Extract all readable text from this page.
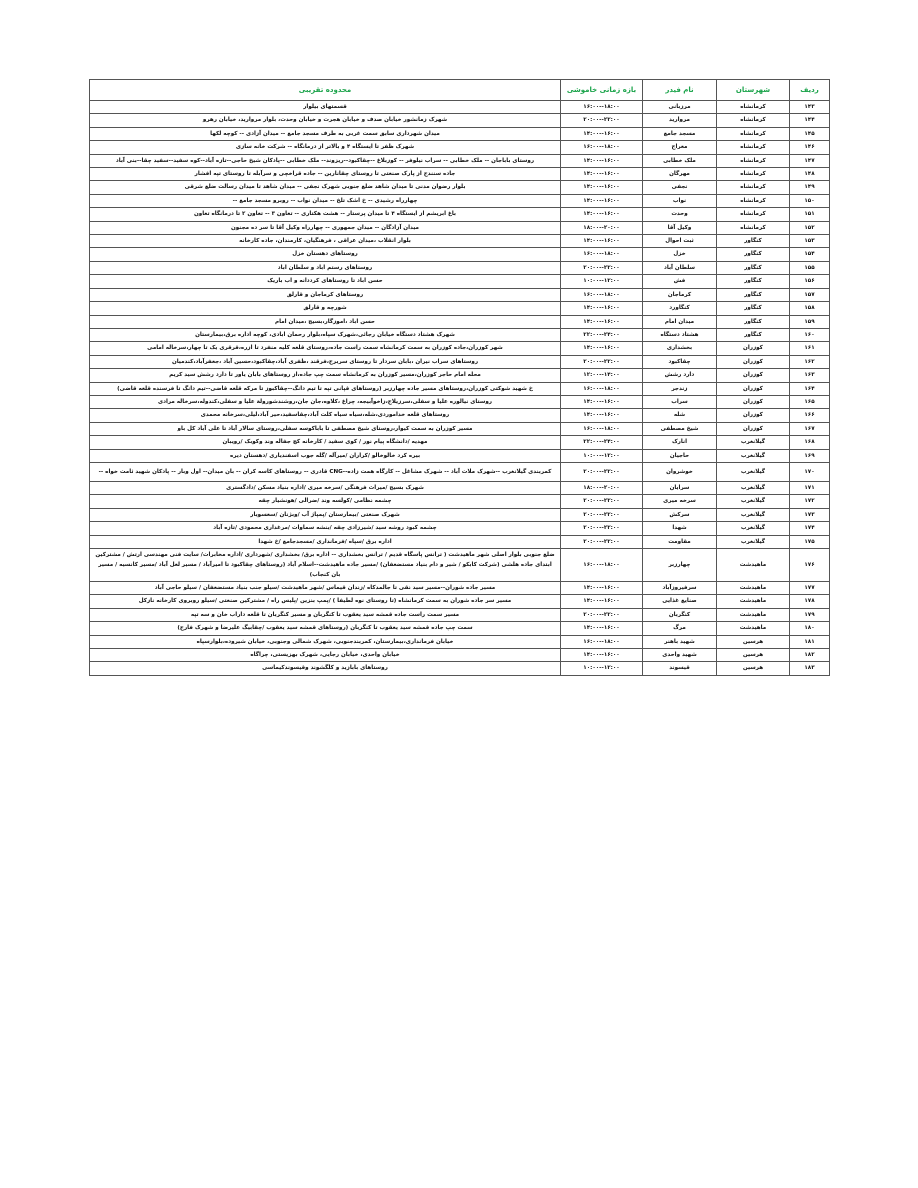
ردیف	شهرستان	نام فیدر	بازه زمانی خاموشی	محدوده تقریبی
۱۴۳	کرمانشاه	مرزبانی	۱۶:۰۰--۱۸:۰۰	قسمتهای بیلوار
۱۴۴	کرمانشاه	مروارید	۲۰:۰۰--۲۲:۰۰	شهرک زمانشور خیابان صدف و خیابان هجرت و خیابان وحدت، بلوار مروارید، خیابان رهرو
۱۴۵	کرمانشاه	مسجد جامع	۱۴:۰۰--۱۶:۰۰	میدان شهرداری سابق سمت غربی به طرف مسجد جامع -- میدان آزادی -- کوچه لکها
۱۴۶	کرمانشاه	معراج	۱۶:۰۰--۱۸:۰۰	شهرک ظفر تا ایستگاه ۴ و بالاتر از درمانگاه -- شرکت خانه سازی
۱۴۷	کرمانشاه	ملک خطابی	۱۴:۰۰--۱۶:۰۰	روستای باباجان -- ملک خطابی -- سراب نیلوفر -- کوزبلاغ --چقاکبود--ریزوند-- ملک خطابی --پادکان شیخ حاجی--تازه آباد--کوه سفید--سفید چقا--بنی آباد
۱۴۸	کرمانشاه	مهرگان	۱۴:۰۰--۱۶:۰۰	جاده سنندج از پارک صنعتی تا روستای چقانارین -- جاده قراخچی و سرآبله تا روستای تپه افشار
۱۴۹	کرمانشاه	نجفی	۱۴:۰۰--۱۶:۰۰	بلوار رضوان مدنی تا میدان شاهد ضلع جنوبی شهرک نجفی -- میدان شاهد تا میدان رسالت ضلع شرقی
۱۵۰	کرمانشاه	نواب	۱۴:۰۰--۱۶:۰۰	چهارراه رشیدی -- خ اشک تلخ -- میدان نواب -- روبرو مسجد جامع --
۱۵۱	کرمانشاه	وحدت	۱۴:۰۰--۱۶:۰۰	باغ ابریشم از ایستگاه ۴ تا میدان پرستار -- هشت هکتاری -- تعاون ۳ -- تعاون ۲ تا درمانگاه تعاون
۱۵۲	کرمانشاه	وکیل آقا	۱۸:۰۰--۲۰:۰۰	میدان آزادگان -- میدان جمهوری -- چهارراه وکیل آقا تا سر ده مجنون
۱۵۳	کنگاور	ثبت احوال	۱۴:۰۰--۱۶:۰۰	بلوار انقلاب ،میدان عراقی ، فرهنگیان، کارمندان، جاده کارخانه
۱۵۴	کنگاور	خزل	۱۶:۰۰--۱۸:۰۰	روستاهای دهستان خزل
۱۵۵	کنگاور	سلطان آباد	۲۰:۰۰--۲۲:۰۰	روستاهای رستم اباد و سلطان اباد
۱۵۶	کنگاور	فش	۱۰:۰۰--۱۲:۰۰	حسن اباد تا روستاهای کرددانه و اب باریک
۱۵۷	کنگاور	کرماجان	۱۶:۰۰--۱۸:۰۰	روستاهای کرماجان و قارلق
۱۵۸	کنگاور	کنگاورد	۱۴:۰۰--۱۶:۰۰	شورچه و قارلق
۱۵۹	کنگاور	میدان امام	۱۴:۰۰--۱۶:۰۰	حسن اباد ،اموزگار،بسیج ،میدان امام
۱۶۰	کنگاور	هشتاد دستگاه	۲۲:۰۰--۲۴:۰۰	شهرک هشتاد دستگاه خیابان رجائی،شهرک سپاه،بلوار رحمان ابادی، کوچه اداره برق،بیمارستان
۱۶۱	کوزران	بخشداری	۱۴:۰۰--۱۶:۰۰	شهر کوزران،جاده کوزران به سمت کرمانشاه سمت راست جاده،روستای قلعه کلیه منفرد تا ازره،قرقری یک تا چهار،سرخاله امامی
۱۶۲	کوزران	چقاکبود	۲۰:۰۰--۲۲:۰۰	روستاهای سراب نیران ،بابان سردار تا روستای سربرج،فرقند ،ظفری آباد،چقاکبود،حسین آباد ،جعفرآباد،کندمیان
۱۶۳	کوزران	دارد رشش	۱۲:۰۰--۱۴:۰۰	محله امام حاجر کوزران،مسیر کوزران به کرمانشاه سمت چپ جاده،از روستاهای بابان یاور تا دارد رشش سید کریم
۱۶۴	کوزران	زندجر	۱۶:۰۰--۱۸:۰۰	خ شهید شوکتی کوزران،روستاهای مسیر جاده چهارزبر (روستاهای قپانی تپه تا تیم دانگ--چقاکبوز تا مرکه قلعه قاضی--تیم دانگ تا فرسنده قلعه قاضی)
۱۶۵	کوزران	سراب	۱۴:۰۰--۱۶:۰۰	روستای نیالوره علیا و سفلی،سرزیلاج،زاخوآبیجه، چراغ ،کلاوه،جان جان،روشندشورولة علیا و سفلی،کندوله،سرخاله مرادی
۱۶۶	کوزران	شله	۱۴:۰۰--۱۶:۰۰	روستاهای قلعه خداموردی،شله،سیاه سیاه کلت آباد،چقاسفید،حیر آباد،لیلی،سرخانه محمدی
۱۶۷	کوزران	شیخ مصطفی	۱۶:۰۰--۱۸:۰۰	مسیر کوزران به سمت کیوار،روستای شیخ مصطفی تا باباکوسه سفلی،روستای سالار آباد تا علی آباد کل باو
۱۶۸	گیلانغرب	انارک	۲۲:۰۰--۲۴:۰۰	مهدیه /دانشگاه پیام نور / کوی سفید / کارخانه کچ جفاله وند وکوبک /رویبان
۱۶۹	گیلانغرب	حاجیان	۱۰:۰۰--۱۲:۰۰	بیره کرد خالوخالو /کراران /میرآله /گله جوب اسفندیاری /دهستان دیره
۱۷۰	گیلانغرب	خوشروان	۲۰:۰۰--۲۲:۰۰	کمربندی گیلانغرب --شهرک ملات آباد -- شهرک مشاغل -- کارگاه همت زاده--CNG قادری -- روستاهای کاسه کران -- بان میدان-- اول وبار -- پادکان شهید ثامت خواه --
۱۷۱	گیلانغرب	سرایان	۱۸:۰۰--۲۰:۰۰	شهرک بسیج /میراث فرهنگی /سرخه میری /اداره بنیاد مسکن /دادگستری
۱۷۲	گیلانغرب	سرخه میری	۲۰:۰۰--۲۲:۰۰	چشمه نظامی /کولسه وند /ضرالی /هونشیار چقه
۱۷۳	گیلانغرب	سرکش	۲۰:۰۰--۲۲:۰۰	شهرک صنعتی /بیمارستان /پمپاژ آب /وبژنان /سعسوبار
۱۷۴	گیلانغرب	شهدا	۲۰:۰۰--۲۲:۰۰	چشمه کبود روشه سید /شیرزادی چقه /بنشه سماوات /مرغداری محمودی /تازه آباد
۱۷۵	گیلانغرب	مقاومت	۲۰:۰۰--۲۲:۰۰	اداره برق /سپاه /فرمانداری /مسجدجامع /خ شهدا
۱۷۶	ماهیدشت	چهارزبر	۱۶:۰۰--۱۸:۰۰	ضلع جنوبی بلوار اصلی شهر ماهیدشت ( ترانس پاسگاه قدیم / ترانس بخشداری -- اداره برق/ بخشداری /شهرداری /اداره مخابرات/ سایت فنی مهندسی ارتش / مشترکین ابتدای جاده هلشی (شرکت کابکو / شیر و دام بنیاد مستضعفان) /مسیر جاده ماهیدشت--اسلام آباد (روستاهای چقاکبود تا امیرآباد / مسیر لعل آباد /مسیر کانسیه / مسیر بان کنجاب)
۱۷۷	ماهیدشت	سرفیروزآباد	۱۴:۰۰--۱۶:۰۰	مسیر جاده شوران--مسیر سید نقی تا جالمدکاه /زندان قیماس /شهر ماهیدشت /سیلو جنب بنیاد مستضعفان / سیلو حاجی آباد
۱۷۸	ماهیدشت	صنایع غذایی	۱۴:۰۰--۱۶:۰۰	مسیر سر جاده شوران به سمت کرمانشاه (تا روستای نوه لطیفا ) /پمپ بنزین /پلیس راه / مشترکین صنعتی /سیلو روبروی کارخانه نازکل
۱۷۹	ماهیدشت	کنگربان	۲۰:۰۰--۲۲:۰۰	مسیر سمت راست جاده قمشه سید یعقوب تا کنگربان و مسیر کنگربان تا قلعه داراب خان و سه تپه
۱۸۰	ماهیدشت	مرگ	۱۴:۰۰--۱۶:۰۰	سمت چپ جاده قمشه سید یعقوب تا کنگربان (روستاهای قمشه سید یعقوب /چقابیگ علیرضا و شهرک فارج)
۱۸۱	هرسین	شهید باهنر	۱۶:۰۰--۱۸:۰۰	خیابان فرمانداری،بیمارستان، کمربندجنوبی، شهرک شمالی وجنوبی، خیابان شیروده،بلوارسپاه
۱۸۲	هرسین	شهید واحدی	۱۴:۰۰--۱۶:۰۰	خیابان واحدی، خیابان رجایی، شهرک بهزیستی، چراگاه
۱۸۳	هرسین	قیسوند	۱۰:۰۰--۱۲:۰۰	روستاهای بابازید و کلگشوند وقیسوندکیماسی
